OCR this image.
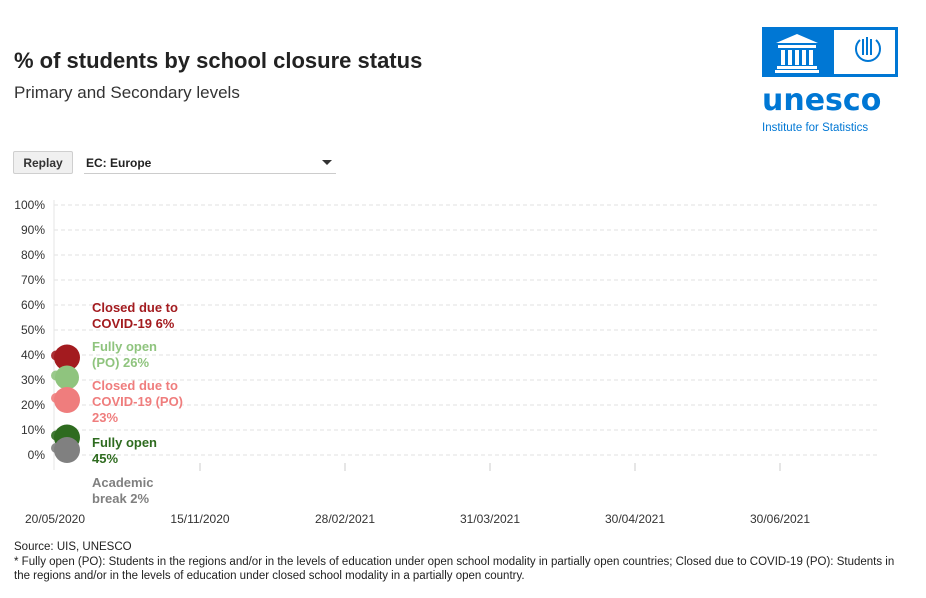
% of students by school closure status
Primary and Secondary levels	unesco
Institute for Statistics
Replay	EC: Europe
100%
90%
80%
70%
60%
50%
40%
30%
20%
10%
0%
20/05/2020	15/11/2020	28/02/2021	31/03/2021	30/04/2021	30/06/2021
Closed due to
COVID-19 6%
Fully open
(PO) 26%
Closed due to
COVID-19 (PO)
23%
Fully open
45%
Academic
break 2%
Source: UIS, UNESCO
* Fully open (PO): Students in the regions and/or in the levels of education under open school modality in partially open countries; Closed due to COVID-19 (PO): Students in
the regions and/or in the levels of education under closed school modality in a partially open country.
